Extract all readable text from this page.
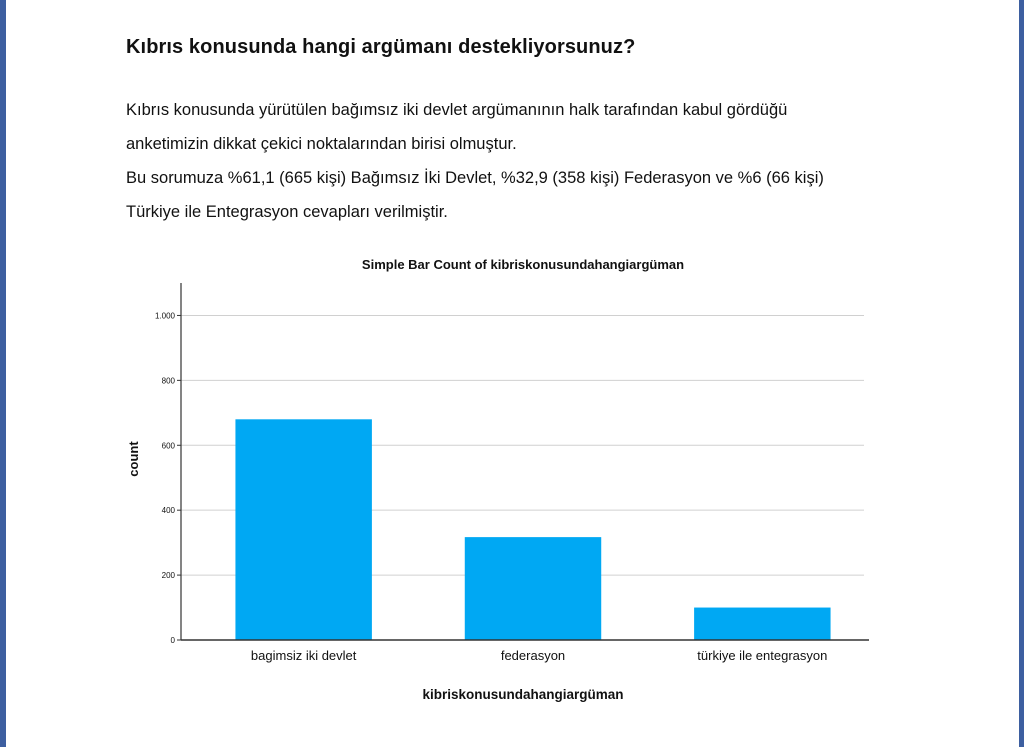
Kıbrıs konusunda hangi argümanı destekliyorsunuz?
Kıbrıs konusunda yürütülen bağımsız iki devlet argümanının halk tarafından kabul gördüğü
anketimizin dikkat çekici noktalarından birisi olmuştur.
Bu sorumuza %61,1 (665 kişi) Bağımsız İki Devlet, %32,9 (358 kişi) Federasyon ve %6 (66 kişi)
Türkiye ile Entegrasyon cevapları verilmiştir.
Simple Bar Count of kibriskonusundahangiargüman
count
kibriskonusundahangiargüman
0
200
400
600
800
1.000
bagimsiz iki devlet	federasyon	türkiye ile entegrasyon
